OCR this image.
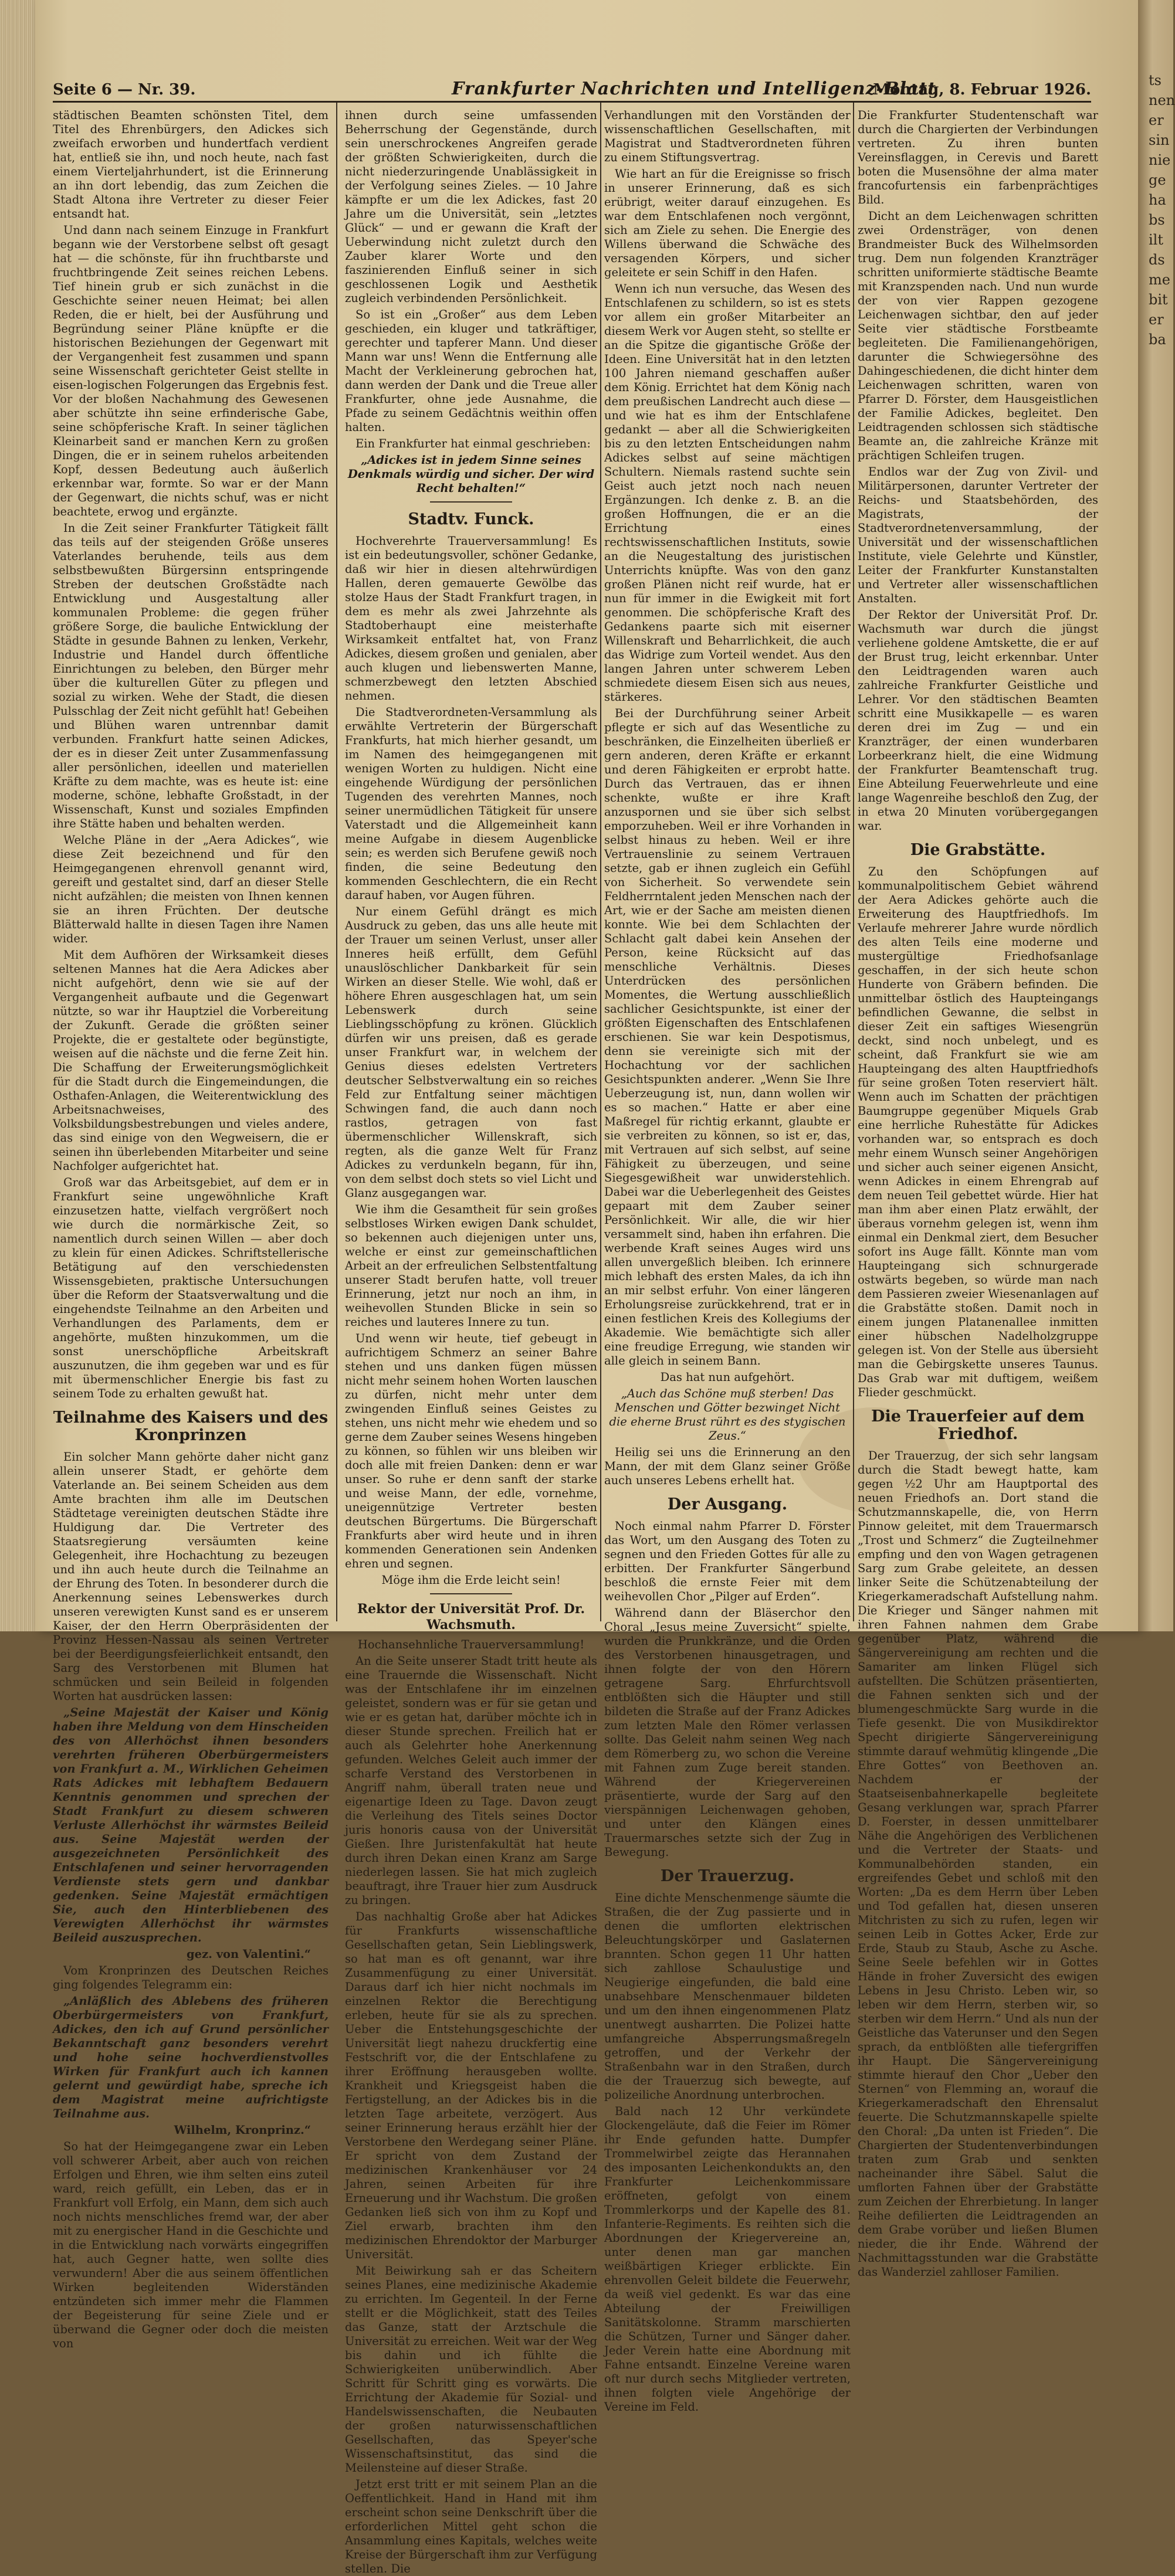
ts nen er sin nie ge ha bs ilt ds me bit er ba
Seite 6 — Nr. 39.	Frankfurter Nachrichten und Intelligenz-Blatt
Montag, 8. Februar 1926.

städtischen Beamten schönsten Titel, dem Titel des Ehrenbürgers, den Adickes sich zweifach erworben und hundertfach verdient hat, entließ sie ihn, und noch heute, nach fast einem Vierteljahrhundert, ist die Erinnerung an ihn dort lebendig, das zum Zeichen die Stadt Altona ihre Vertreter zu dieser Feier entsandt hat.

Und dann nach seinem Einzuge in Frankfurt begann wie der Verstorbene selbst oft gesagt hat — die schönste, für ihn fruchtbarste und fruchtbringende Zeit seines reichen Lebens. Tief hinein grub er sich zunächst in die Geschichte seiner neuen Heimat; bei allen Reden, die er hielt, bei der Ausführung und Begründung seiner Pläne knüpfte er die historischen Beziehungen der Gegenwart mit der Vergangenheit fest zusammen und spann seine Wissenschaft gerichteter Geist stellte in eisen-logischen Folgerungen das Ergebnis fest. Vor der bloßen Nachahmung des Gewesenen aber schützte ihn seine erfinderische Gabe, seine schöpferische Kraft. In seiner täglichen Kleinarbeit sand er manchen Kern zu großen Dingen, die er in seinem ruhelos arbeitenden Kopf, dessen Bedeutung auch äußerlich erkennbar war, formte. So war er der Mann der Gegenwart, die nichts schuf, was er nicht beachtete, erwog und ergänzte.

In die Zeit seiner Frankfurter Tätigkeit fällt das teils auf der steigenden Größe unseres Vaterlandes beruhende, teils aus dem selbstbewußten Bürgersinn entspringende Streben der deutschen Großstädte nach Entwicklung und Ausgestaltung aller kommunalen Probleme: die gegen früher größere Sorge, die bauliche Entwicklung der Städte in gesunde Bahnen zu lenken, Verkehr, Industrie und Handel durch öffentliche Einrichtungen zu beleben, den Bürger mehr über die kulturellen Güter zu pflegen und sozial zu wirken. Wehe der Stadt, die diesen Pulsschlag der Zeit nicht gefühlt hat! Gebeihen und Blühen waren untrennbar damit verbunden. Frankfurt hatte seinen Adickes, der es in dieser Zeit unter Zusammenfassung aller persönlichen, ideellen und materiellen Kräfte zu dem machte, was es heute ist: eine moderne, schöne, lebhafte Großstadt, in der Wissenschaft, Kunst und soziales Empfinden ihre Stätte haben und behalten werden.

Welche Pläne in der „Aera Adickes“, wie diese Zeit bezeichnend und für den Heimgegangenen ehrenvoll genannt wird, gereift und gestaltet sind, darf an dieser Stelle nicht aufzählen; die meisten von Ihnen kennen sie an ihren Früchten. Der deutsche Blätterwald hallte in diesen Tagen ihre Namen wider.

Mit dem Aufhören der Wirksamkeit dieses seltenen Mannes hat die Aera Adickes aber nicht aufgehört, denn wie sie auf der Vergangenheit aufbaute und die Gegenwart nützte, so war ihr Hauptziel die Vorbereitung der Zukunft. Gerade die größten seiner Projekte, die er gestaltete oder begünstigte, weisen auf die nächste und die ferne Zeit hin. Die Schaffung der Erweiterungsmöglichkeit für die Stadt durch die Eingemeindungen, die Osthafen-Anlagen, die Weiterentwicklung des Arbeitsnachweises, des Volksbildungsbestrebungen und vieles andere, das sind einige von den Wegweisern, die er seinen ihn überlebenden Mitarbeiter und seine Nachfolger aufgerichtet hat.

Groß war das Arbeitsgebiet, auf dem er in Frankfurt seine ungewöhnliche Kraft einzusetzen hatte, vielfach vergrößert noch wie durch die normärkische Zeit, so namentlich durch seinen Willen — aber doch zu klein für einen Adickes. Schriftstellerische Betätigung auf den verschiedensten Wissensgebieten, praktische Untersuchungen über die Reform der Staatsverwaltung und die eingehendste Teilnahme an den Arbeiten und Verhandlungen des Parlaments, dem er angehörte, mußten hinzukommen, um die sonst unerschöpfliche Arbeitskraft auszunutzen, die ihm gegeben war und es für mit übermenschlicher Energie bis fast zu seinem Tode zu erhalten gewußt hat.

Teilnahme des Kaisers und des Kronprinzen

Ein solcher Mann gehörte daher nicht ganz allein unserer Stadt, er gehörte dem Vaterlande an. Bei seinem Scheiden aus dem Amte brachten ihm alle im Deutschen Städtetage vereinigten deutschen Städte ihre Huldigung dar. Die Vertreter des Staatsregierung versäumten keine Gelegenheit, ihre Hochachtung zu bezeugen und ihn auch heute durch die Teilnahme an der Ehrung des Toten. In besonderer durch die Anerkennung seines Lebenswerkes durch unseren verewigten Kunst sand es er unserem Kaiser, der den Herrn Oberpräsidenten der Provinz Hessen-Nassau als seinen Vertreter bei der Beerdigungsfeierlichkeit entsandt, den Sarg des Verstorbenen mit Blumen hat schmücken und sein Beileid in folgenden Worten hat ausdrücken lassen:

„Seine Majestät der Kaiser und König haben ihre Meldung von dem Hinscheiden des von Allerhöchst ihnen besonders verehrten früheren Oberbürgermeisters von Frankfurt a. M., Wirklichen Geheimen Rats Adickes mit lebhaftem Bedauern Kenntnis genommen und sprechen der Stadt Frankfurt zu diesem schweren Verluste Allerhöchst ihr wärmstes Beileid aus. Seine Majestät werden der ausgezeichneten Persönlichkeit des Entschlafenen und seiner hervorragenden Verdienste stets gern und dankbar gedenken. Seine Majestät ermächtigen Sie, auch den Hinterbliebenen des Verewigten Allerhöchst ihr wärmstes Beileid auszusprechen.

gez. von Valentini.“

Vom Kronprinzen des Deutschen Reiches ging folgendes Telegramm ein:

„Anläßlich des Ablebens des früheren Oberbürgermeisters von Frankfurt, Adickes, den ich auf Grund persönlicher Bekanntschaft ganz besonders verehrt und hohe seine hochverdienstvolles Wirken für Frankfurt auch ich kannen gelernt und gewürdigt habe, spreche ich dem Magistrat meine aufrichtigste Teilnahme aus.

Wilhelm, Kronprinz.“

So hat der Heimgegangene zwar ein Leben voll schwerer Arbeit, aber auch von reichen Erfolgen und Ehren, wie ihm selten eins zuteil ward, reich gefüllt, ein Leben, das er in Frankfurt voll Erfolg, ein Mann, dem sich auch noch nichts menschliches fremd war, der aber mit zu energischer Hand in die Geschichte und in die Entwicklung nach vorwärts eingegriffen hat, auch Gegner hatte, wen sollte dies verwundern! Aber die aus seinem öffentlichen Wirken begleitenden Widerständen entzündeten sich immer mehr die Flammen der Begeisterung für seine Ziele und er überwand die Gegner oder doch die meisten von

ihnen durch seine umfassenden Beherrschung der Gegenstände, durch sein unerschrockenes Angreifen gerade der größten Schwierigkeiten, durch die nicht niederzuringende Unablässigkeit in der Verfolgung seines Zieles. — 10 Jahre kämpfte er um die lex Adickes, fast 20 Jahre um die Universität, sein „letztes Glück“ — und er gewann die Kraft der Ueberwindung nicht zuletzt durch den Zauber klarer Worte und den faszinierenden Einfluß seiner in sich geschlossenen Logik und Aesthetik zugleich verbindenden Persönlichkeit.

So ist ein „Großer“ aus dem Leben geschieden, ein kluger und tatkräftiger, gerechter und tapferer Mann. Und dieser Mann war uns! Wenn die Entfernung alle Macht der Verkleinerung gebrochen hat, dann werden der Dank und die Treue aller Frankfurter, ohne jede Ausnahme, die Pfade zu seinem Gedächtnis weithin offen halten.

Ein Frankfurter hat einmal geschrieben:

„Adickes ist in jedem Sinne seines Denkmals würdig und sicher. Der wird Recht behalten!“

Stadtv. Funck.

Hochverehrte Trauerversammlung! Es ist ein bedeutungsvoller, schöner Gedanke, daß wir hier in diesen altehrwürdigen Hallen, deren gemauerte Gewölbe das stolze Haus der Stadt Frankfurt tragen, in dem es mehr als zwei Jahrzehnte als Stadtoberhaupt eine meisterhafte Wirksamkeit entfaltet hat, von Franz Adickes, diesem großen und genialen, aber auch klugen und liebenswerten Manne, schmerzbewegt den letzten Abschied nehmen.

Die Stadtverordneten-Versammlung als erwählte Vertreterin der Bürgerschaft Frankfurts, hat mich hierher gesandt, um im Namen des heimgegangenen mit wenigen Worten zu huldigen. Nicht eine eingehende Würdigung der persönlichen Tugenden des verehrten Mannes, noch seiner unermüdlichen Tätigkeit für unsere Vaterstadt und die Allgemeinheit kann meine Aufgabe in diesem Augenblicke sein; es werden sich Berufene gewiß noch finden, die seine Bedeutung den kommenden Geschlechtern, die ein Recht darauf haben, vor Augen führen.

Nur einem Gefühl drängt es mich Ausdruck zu geben, das uns alle heute mit der Trauer um seinen Verlust, unser aller Inneres heiß erfüllt, dem Gefühl unauslöschlicher Dankbarkeit für sein Wirken an dieser Stelle. Wie wohl, daß er höhere Ehren ausgeschlagen hat, um sein Lebenswerk durch seine Lieblingsschöpfung zu krönen. Glücklich dürfen wir uns preisen, daß es gerade unser Frankfurt war, in welchem der Genius dieses edelsten Vertreters deutscher Selbstverwaltung ein so reiches Feld zur Entfaltung seiner mächtigen Schwingen fand, die auch dann noch rastlos, getragen von fast übermenschlicher Willenskraft, sich regten, als die ganze Welt für Franz Adickes zu verdunkeln begann, für ihn, von dem selbst doch stets so viel Licht und Glanz ausgegangen war.

Wie ihm die Gesamtheit für sein großes selbstloses Wirken ewigen Dank schuldet, so bekennen auch diejenigen unter uns, welche er einst zur gemeinschaftlichen Arbeit an der erfreulichen Selbstentfaltung unserer Stadt berufen hatte, voll treuer Erinnerung, jetzt nur noch an ihm, in weihevollen Stunden Blicke in sein so reiches und lauteres Innere zu tun.

Und wenn wir heute, tief gebeugt in aufrichtigem Schmerz an seiner Bahre stehen und uns danken fügen müssen nicht mehr seinem hohen Worten lauschen zu dürfen, nicht mehr unter dem zwingenden Einfluß seines Geistes zu stehen, uns nicht mehr wie ehedem und so gerne dem Zauber seines Wesens hingeben zu können, so fühlen wir uns bleiben wir doch alle mit freien Danken: denn er war unser. So ruhe er denn sanft der starke und weise Mann, der edle, vornehme, uneigennützige Vertreter besten deutschen Bürgertums. Die Bürgerschaft Frankfurts aber wird heute und in ihren kommenden Generationen sein Andenken ehren und segnen.

Möge ihm die Erde leicht sein!

Rektor der Universität Prof. Dr. Wachsmuth.

Hochansehnliche Trauerversammlung!

An die Seite unserer Stadt tritt heute als eine Trauernde die Wissenschaft. Nicht was der Entschlafene ihr im einzelnen geleistet, sondern was er für sie getan und wie er es getan hat, darüber möchte ich in dieser Stunde sprechen. Freilich hat er auch als Gelehrter hohe Anerkennung gefunden. Welches Geleit auch immer der scharfe Verstand des Verstorbenen in Angriff nahm, überall traten neue und eigenartige Ideen zu Tage. Davon zeugt die Verleihung des Titels seines Doctor juris honoris causa von der Universität Gießen. Ihre Juristenfakultät hat heute durch ihren Dekan einen Kranz am Sarge niederlegen lassen. Sie hat mich zugleich beauftragt, ihre Trauer hier zum Ausdruck zu bringen.

Das nachhaltig Große aber hat Adickes für Frankfurts wissenschaftliche Gesellschaften getan, Sein Lieblingswerk, so hat man es oft genannt, war ihre Zusammenfügung zu einer Universität. Daraus darf ich hier nicht nochmals im einzelnen Rektor die Berechtigung erleben, heute für sie als zu sprechen. Ueber die Entstehungsgeschichte der Universität liegt nahezu druckfertig eine Festschrift vor, die der Entschlafene zu ihrer Eröffnung herausgeben wollte. Krankheit und Kriegsgeist haben die Fertigstellung, an der Adickes bis in die letzten Tage arbeitete, verzögert. Aus seiner Erinnerung heraus erzählt hier der Verstorbene den Werdegang seiner Pläne. Er spricht von dem Zustand der medizinischen Krankenhäuser vor 24 Jahren, seinen Arbeiten für ihre Erneuerung und ihr Wachstum. Die großen Gedanken ließ sich von ihm zu Kopf und Ziel erwarb, brachten ihm den medizinischen Ehrendoktor der Marburger Universität.

Mit Beiwirkung sah er das Scheitern seines Planes, eine medizinische Akademie zu errichten. Im Gegenteil. In der Ferne stellt er die Möglichkeit, statt des Teiles das Ganze, statt der Arztschule die Universität zu erreichen. Weit war der Weg bis dahin und ich fühlte die Schwierigkeiten unüberwindlich. Aber Schritt für Schritt ging es vorwärts. Die Errichtung der Akademie für Sozial- und Handelswissenschaften, die Neubauten der großen naturwissenschaftlichen Gesellschaften, das Speyer'sche Wissenschaftsinstitut, das sind die Meilensteine auf dieser Straße.

Jetzt erst tritt er mit seinem Plan an die Oeffentlichkeit. Hand in Hand mit ihm erscheint schon seine Denkschrift über die erforderlichen Mittel geht schon die Ansammlung eines Kapitals, welches weite Kreise der Bürgerschaft ihm zur Verfügung stellen. Die

Verhandlungen mit den Vorständen der wissenschaftlichen Gesellschaften, mit Magistrat und Stadtverordneten führen zu einem Stiftungsvertrag.

Wie hart an für die Ereignisse so frisch in unserer Erinnerung, daß es sich erübrigt, weiter darauf einzugehen. Es war dem Entschlafenen noch vergönnt, sich am Ziele zu sehen. Die Energie des Willens überwand die Schwäche des versagenden Körpers, und sicher geleitete er sein Schiff in den Hafen.

Wenn ich nun versuche, das Wesen des Entschlafenen zu schildern, so ist es stets vor allem ein großer Mitarbeiter an diesem Werk vor Augen steht, so stellte er an die Spitze die gigantische Größe der Ideen. Eine Universität hat in den letzten 100 Jahren niemand geschaffen außer dem König. Errichtet hat dem König nach dem preußischen Landrecht auch diese — und wie hat es ihm der Entschlafene gedankt — aber all die Schwierigkeiten bis zu den letzten Entscheidungen nahm Adickes selbst auf seine mächtigen Schultern. Niemals rastend suchte sein Geist auch jetzt noch nach neuen Ergänzungen. Ich denke z. B. an die großen Hoffnungen, die er an die Errichtung eines rechtswissenschaftlichen Instituts, sowie an die Neugestaltung des juristischen Unterrichts knüpfte. Was von den ganz großen Plänen nicht reif wurde, hat er nun für immer in die Ewigkeit mit fort genommen. Die schöpferische Kraft des Gedankens paarte sich mit eiserner Willenskraft und Beharrlichkeit, die auch das Widrige zum Vorteil wendet. Aus den langen Jahren unter schwerem Leben schmiedete diesem Eisen sich aus neues, stärkeres.

Bei der Durchführung seiner Arbeit pflegte er sich auf das Wesentliche zu beschränken, die Einzelheiten überließ er gern anderen, deren Kräfte er erkannt und deren Fähigkeiten er erprobt hatte. Durch das Vertrauen, das er ihnen schenkte, wußte er ihre Kraft anzuspornen und sie über sich selbst emporzuheben. Weil er ihre Vorhanden in selbst hinaus zu heben. Weil er ihre Vertrauenslinie zu seinem Vertrauen setzte, gab er ihnen zugleich ein Gefühl von Sicherheit. So verwendete sein Feldherrntalent jeden Menschen nach der Art, wie er der Sache am meisten dienen konnte. Wie bei dem Schlachten der Schlacht galt dabei kein Ansehen der Person, keine Rücksicht auf das menschliche Verhältnis. Dieses Unterdrücken des persönlichen Momentes, die Wertung ausschließlich sachlicher Gesichtspunkte, ist einer der größten Eigenschaften des Entschlafenen erschienen. Sie war kein Despotismus, denn sie vereinigte sich mit der Hochachtung vor der sachlichen Gesichtspunkten anderer. „Wenn Sie Ihre Ueberzeugung ist, nun, dann wollen wir es so machen.“ Hatte er aber eine Maßregel für richtig erkannt, glaubte er sie verbreiten zu können, so ist er, das, mit Vertrauen auf sich selbst, auf seine Fähigkeit zu überzeugen, und seine Siegesgewißheit war unwiderstehlich. Dabei war die Ueberlegenheit des Geistes gepaart mit dem Zauber seiner Persönlichkeit. Wir alle, die wir hier versammelt sind, haben ihn erfahren. Die werbende Kraft seines Auges wird uns allen unvergeßlich bleiben. Ich erinnere mich lebhaft des ersten Males, da ich ihn an mir selbst erfuhr. Von einer längeren Erholungsreise zurückkehrend, trat er in einen festlichen Kreis des Kollegiums der Akademie. Wie bemächtigte sich aller eine freudige Erregung, wie standen wir alle gleich in seinem Bann.

Das hat nun aufgehört.

„Auch das Schöne muß sterben! Das Menschen und Götter bezwinget Nicht die eherne Brust rührt es des stygischen Zeus.“

Heilig sei uns die Erinnerung an den Mann, der mit dem Glanz seiner Größe auch unseres Lebens erhellt hat.

Der Ausgang.

Noch einmal nahm Pfarrer D. Förster das Wort, um den Ausgang des Toten zu segnen und den Frieden Gottes für alle zu erbitten. Der Frankfurter Sängerbund beschloß die ernste Feier mit dem weihevollen Chor „Pilger auf Erden“.

Während dann der Bläserchor den Choral „Jesus meine Zuversicht“ spielte, wurden die Prunkkränze, und die Orden des Verstorbenen hinausgetragen, und ihnen folgte der von den Hörern getragene Sarg. Ehrfurchtsvoll entblößten sich die Häupter und still bildeten die Straße auf der Franz Adickes zum letzten Male den Römer verlassen sollte. Das Geleit nahm seinen Weg nach dem Römerberg zu, wo schon die Vereine mit Fahnen zum Zuge bereit standen. Während der Kriegervereinen präsentierte, wurde der Sarg auf den vierspännigen Leichenwagen gehoben, und unter den Klängen eines Trauermarsches setzte sich der Zug in Bewegung.

Der Trauerzug.

Eine dichte Menschenmenge säumte die Straßen, die der Zug passierte und in denen die umflorten elektrischen Beleuchtungskörper und Gaslaternen brannten. Schon gegen 11 Uhr hatten sich zahllose Schaulustige und Neugierige eingefunden, die bald eine unabsehbare Menschenmauer bildeten und um den ihnen eingenommenen Platz unentwegt ausharrten. Die Polizei hatte umfangreiche Absperrungsmaßregeln getroffen, und der Verkehr der Straßenbahn war in den Straßen, durch die der Trauerzug sich bewegte, auf polizeiliche Anordnung unterbrochen.

Bald nach 12 Uhr verkündete Glockengeläute, daß die Feier im Römer ihr Ende gefunden hatte. Dumpfer Trommelwirbel zeigte das Herannahen des imposanten Leichenkondukts an, den Frankfurter Leichenkommissare eröffneten, gefolgt von einem Trommlerkorps und der Kapelle des 81. Infanterie-Regiments. Es reihten sich die Abordnungen der Kriegervereine an, unter denen man gar manchen weißbärtigen Krieger erblickte. Ein ehrenvollen Geleit bildete die Feuerwehr, da weiß viel gedenkt. Es war das eine Abteilung der Freiwilligen Sanitätskolonne. Stramm marschierten die Schützen, Turner und Sänger daher. Jeder Verein hatte eine Abordnung mit Fahne entsandt. Einzelne Vereine waren oft nur durch sechs Mitglieder vertreten, ihnen folgten viele Angehörige der Vereine im Feld.

Die Frankfurter Studentenschaft war durch die Chargierten der Verbindungen vertreten. Zu ihren bunten Vereinsflaggen, in Cerevis und Barett boten die Musensöhne der alma mater francofurtensis ein farbenprächtiges Bild.

Dicht an dem Leichenwagen schritten zwei Ordensträger, von denen Brandmeister Buck des Wilhelmsorden trug. Dem nun folgenden Kranzträger schritten uniformierte städtische Beamte mit Kranzspenden nach. Und nun wurde der von vier Rappen gezogene Leichenwagen sichtbar, den auf jeder Seite vier städtische Forstbeamte begleiteten. Die Familienangehörigen, darunter die Schwiegersöhne des Dahingeschiedenen, die dicht hinter dem Leichenwagen schritten, waren von Pfarrer D. Förster, dem Hausgeistlichen der Familie Adickes, begleitet. Den Leidtragenden schlossen sich städtische Beamte an, die zahlreiche Kränze mit prächtigen Schleifen trugen.

Endlos war der Zug von Zivil- und Militärpersonen, darunter Vertreter der Reichs- und Staatsbehörden, des Magistrats, der Stadtverordnetenversammlung, der Universität und der wissenschaftlichen Institute, viele Gelehrte und Künstler, Leiter der Frankfurter Kunstanstalten und Vertreter aller wissenschaftlichen Anstalten.

Der Rektor der Universität Prof. Dr. Wachsmuth war durch die jüngst verliehene goldene Amtskette, die er auf der Brust trug, leicht erkennbar. Unter den Leidtragenden waren auch zahlreiche Frankfurter Geistliche und Lehrer. Vor den städtischen Beamten schritt eine Musikkapelle — es waren deren drei im Zug — und ein Kranzträger, der einen wunderbaren Lorbeerkranz hielt, die eine Widmung der Frankfurter Beamtenschaft trug. Eine Abteilung Feuerwehrleute und eine lange Wagenreihe beschloß den Zug, der in etwa 20 Minuten vorübergegangen war.

Die Grabstätte.

Zu den Schöpfungen auf kommunalpolitischem Gebiet während der Aera Adickes gehörte auch die Erweiterung des Hauptfriedhofs. Im Verlaufe mehrerer Jahre wurde nördlich des alten Teils eine moderne und mustergültige Friedhofsanlage geschaffen, in der sich heute schon Hunderte von Gräbern befinden. Die unmittelbar östlich des Haupteingangs befindlichen Gewanne, die selbst in dieser Zeit ein saftiges Wiesengrün deckt, sind noch unbelegt, und es scheint, daß Frankfurt sie wie am Haupteingang des alten Hauptfriedhofs für seine großen Toten reserviert hält. Wenn auch im Schatten der prächtigen Baumgruppe gegenüber Miquels Grab eine herrliche Ruhestätte für Adickes vorhanden war, so entsprach es doch mehr einem Wunsch seiner Angehörigen und sicher auch seiner eigenen Ansicht, wenn Adickes in einem Ehrengrab auf dem neuen Teil gebettet würde. Hier hat man ihm aber einen Platz erwählt, der überaus vornehm gelegen ist, wenn ihm einmal ein Denkmal ziert, dem Besucher sofort ins Auge fällt. Könnte man vom Haupteingang sich schnurgerade ostwärts begeben, so würde man nach dem Passieren zweier Wiesenanlagen auf die Grabstätte stoßen. Damit noch in einem jungen Platanenallee inmitten einer hübschen Nadelholzgruppe gelegen ist. Von der Stelle aus übersieht man die Gebirgskette unseres Taunus. Das Grab war mit duftigem, weißem Flieder geschmückt.

Die Trauerfeier auf dem Friedhof.

Der Trauerzug, der sich sehr langsam durch die Stadt bewegt hatte, kam gegen ½2 Uhr am Hauptportal des neuen Friedhofs an. Dort stand die Schutzmannskapelle, die, von Herrn Pinnow geleitet, mit dem Trauermarsch „Trost und Schmerz“ die Zugteilnehmer empfing und den von Wagen getragenen Sarg zum Grabe geleitete, an dessen linker Seite die Schützenabteilung der Kriegerkameradschaft Aufstellung nahm. Die Krieger und Sänger nahmen mit ihren Fahnen nahmen dem Grabe gegenüber Platz, während die Sängervereinigung am rechten und die Samariter am linken Flügel sich aufstellten. Die Schützen präsentierten, die Fahnen senkten sich und der blumengeschmückte Sarg wurde in die Tiefe gesenkt. Die von Musikdirektor Specht dirigierte Sängervereinigung stimmte darauf wehmütig klingende „Die Ehre Gottes“ von Beethoven an. Nachdem er der Staatseisenbahnerkapelle begleitete Gesang verklungen war, sprach Pfarrer D. Foerster, in dessen unmittelbarer Nähe die Angehörigen des Verblichenen und die Vertreter der Staats- und Kommunalbehörden standen, ein ergreifendes Gebet und schloß mit den Worten: „Da es dem Herrn über Leben und Tod gefallen hat, diesen unseren Mitchristen zu sich zu rufen, legen wir seinen Leib in Gottes Acker, Erde zur Erde, Staub zu Staub, Asche zu Asche. Seine Seele befehlen wir in Gottes Hände in froher Zuversicht des ewigen Lebens in Jesu Christo. Leben wir, so leben wir dem Herrn, sterben wir, so sterben wir dem Herrn.“ Und als nun der Geistliche das Vaterunser und den Segen sprach, da entblößten alle tiefergriffen ihr Haupt. Die Sängervereinigung stimmte hierauf den Chor „Ueber den Sternen“ von Flemming an, worauf die Kriegerkameradschaft den Ehrensalut feuerte. Die Schutzmannskapelle spielte den Choral: „Da unten ist Frieden“. Die Chargierten der Studentenverbindungen traten zum Grab und senkten nacheinander ihre Säbel. Salut die umflorten Fahnen über der Grabstätte zum Zeichen der Ehrerbietung. In langer Reihe defilierten die Leidtragenden an dem Grabe vorüber und ließen Blumen nieder, die ihr Ende. Während der Nachmittagsstunden war die Grabstätte das Wanderziel zahlloser Familien.
